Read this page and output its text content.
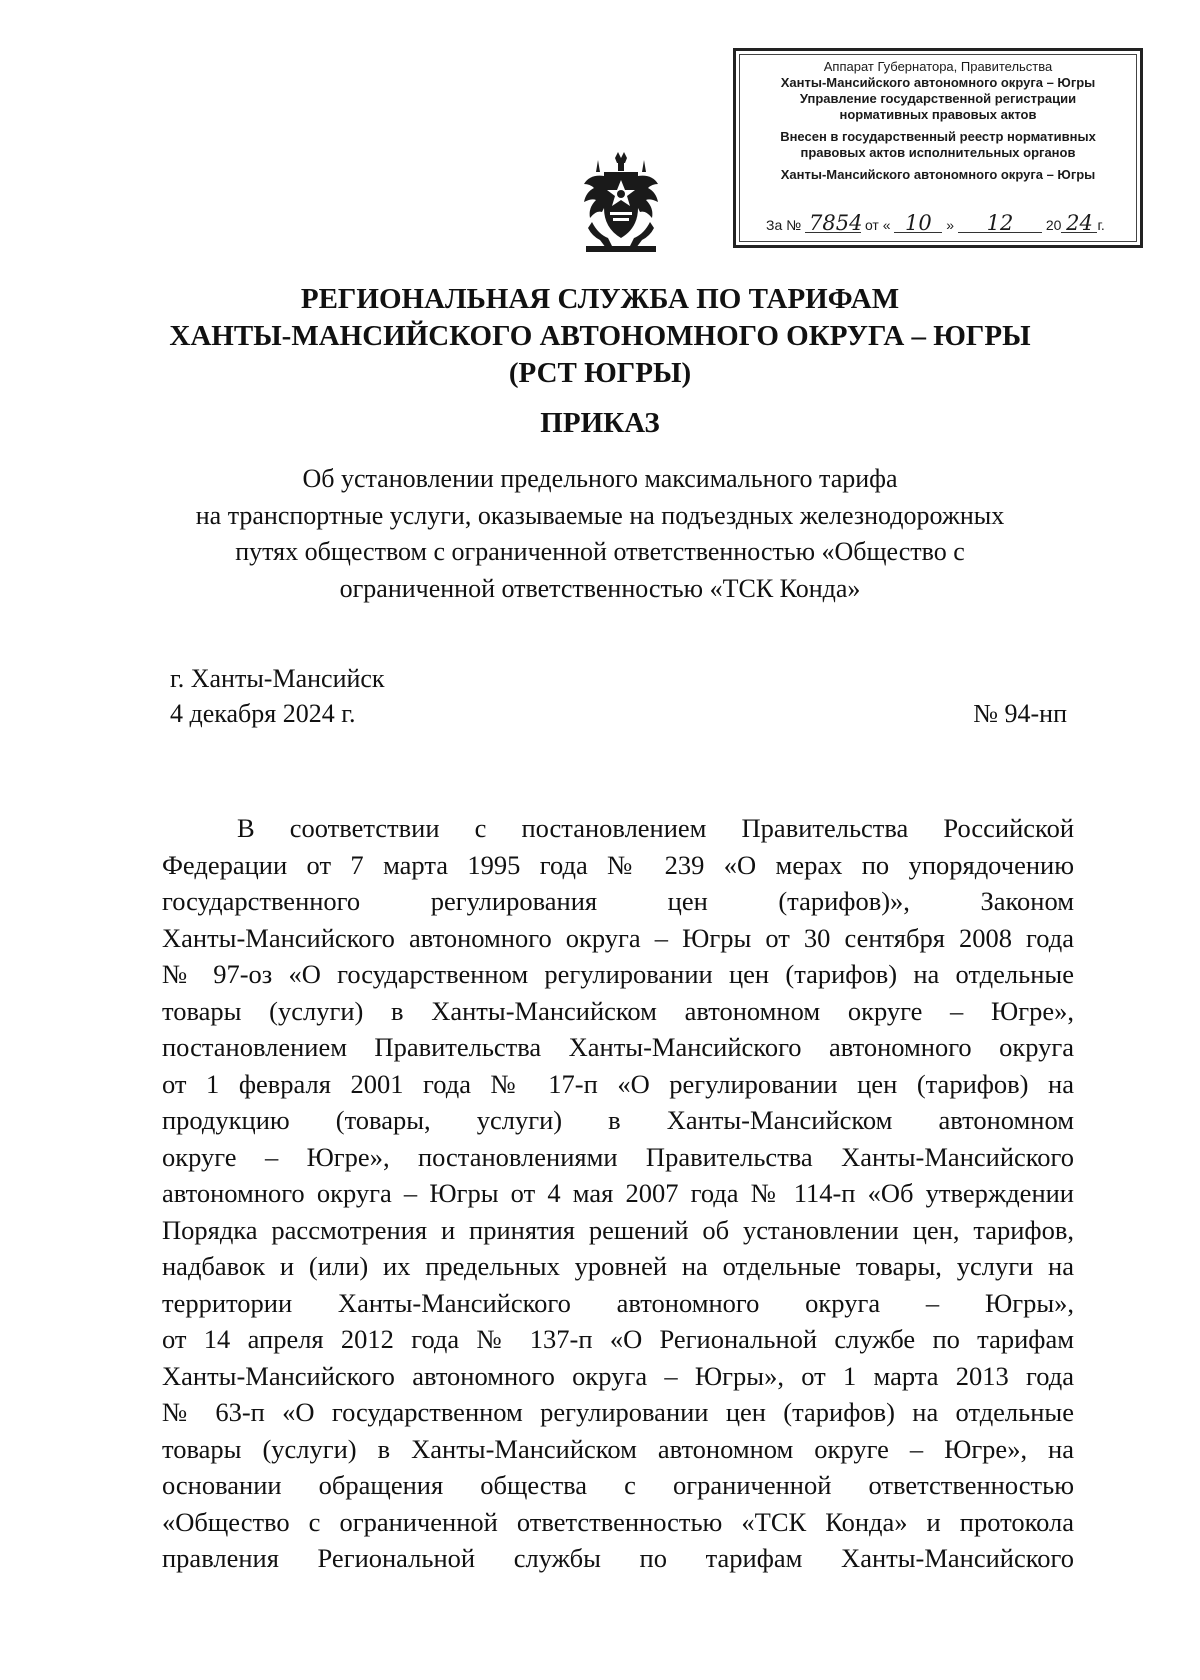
Аппарат Губернатора, Правительства
Ханты-Мансийского автономного округа – Югры
Управление государственной регистрации
нормативных правовых актов
Внесен в государственный реестр нормативных
правовых актов исполнительных органов
Ханты-Мансийского автономного округа – Югры
За № 7854 от « 10 » 12 20 24 г.
РЕГИОНАЛЬНАЯ СЛУЖБА ПО ТАРИФАМ
ХАНТЫ-МАНСИЙСКОГО АВТОНОМНОГО ОКРУГА – ЮГРЫ
(РСТ ЮГРЫ)
ПРИКАЗ
Об установлении предельного максимального тарифа
на транспортные услуги, оказываемые на подъездных железнодорожных
путях обществом с ограниченной ответственностью «Общество с
ограниченной ответственностью «ТСК Конда»
г. Ханты-Мансийск
4 декабря 2024 г.	№ 94-нп
В соответствии с постановлением Правительства Российской
Федерации от 7 марта 1995 года № 239 «О мерах по упорядочению
государственного регулирования цен (тарифов)», Законом
Ханты-Мансийского автономного округа – Югры от 30 сентября 2008 года
№ 97-оз «О государственном регулировании цен (тарифов) на отдельные
товары (услуги) в Ханты-Мансийском автономном округе – Югре»,
постановлением Правительства Ханты-Мансийского автономного округа
от 1 февраля 2001 года № 17-п «О регулировании цен (тарифов) на
продукцию (товары, услуги) в Ханты-Мансийском автономном
округе – Югре», постановлениями Правительства Ханты-Мансийского
автономного округа – Югры от 4 мая 2007 года № 114-п «Об утверждении
Порядка рассмотрения и принятия решений об установлении цен, тарифов,
надбавок и (или) их предельных уровней на отдельные товары, услуги на
территории Ханты-Мансийского автономного округа – Югры»,
от 14 апреля 2012 года № 137-п «О Региональной службе по тарифам
Ханты-Мансийского автономного округа – Югры», от 1 марта 2013 года
№ 63-п «О государственном регулировании цен (тарифов) на отдельные
товары (услуги) в Ханты-Мансийском автономном округе – Югре», на
основании обращения общества с ограниченной ответственностью
«Общество с ограниченной ответственностью «ТСК Конда» и протокола
правления Региональной службы по тарифам Ханты-Мансийского
